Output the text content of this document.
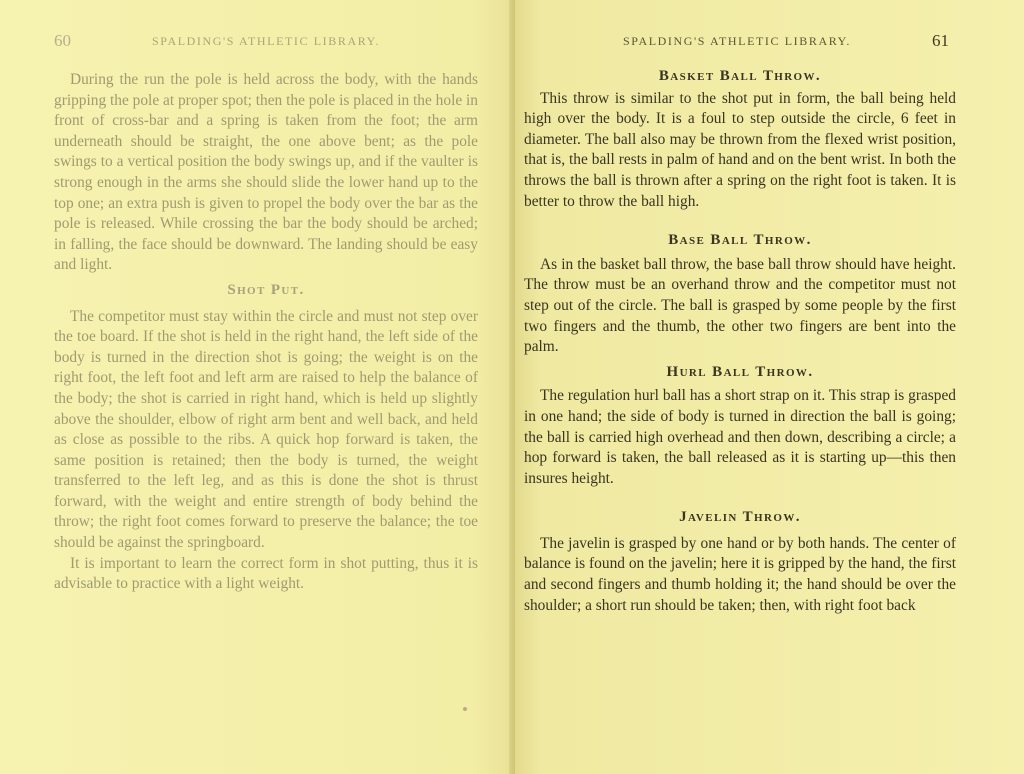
60	SPALDING'S ATHLETIC LIBRARY.

During the run the pole is held across the body, with the hands gripping the pole at proper spot; then the pole is placed in the hole in front of cross-bar and a spring is taken from the foot; the arm underneath should be straight, the one above bent; as the pole swings to a vertical position the body swings up, and if the vaulter is strong enough in the arms she should slide the lower hand up to the top one; an extra push is given to propel the body over the bar as the pole is released. While crossing the bar the body should be arched; in falling, the face should be downward. The landing should be easy and light.

Shot Put.

The competitor must stay within the circle and must not step over the toe board. If the shot is held in the right hand, the left side of the body is turned in the direction shot is going; the weight is on the right foot, the left foot and left arm are raised to help the balance of the body; the shot is carried in right hand, which is held up slightly above the shoulder, elbow of right arm bent and well back, and held as close as possible to the ribs. A quick hop forward is taken, the same position is retained; then the body is turned, the weight transferred to the left leg, and as this is done the shot is thrust forward, with the weight and entire strength of body behind the throw; the right foot comes forward to preserve the balance; the toe should be against the springboard.

It is important to learn the correct form in shot putting, thus it is advisable to practice with a light weight.

SPALDING'S ATHLETIC LIBRARY.	61
Basket Ball Throw.

This throw is similar to the shot put in form, the ball being held high over the body. It is a foul to step outside the circle, 6 feet in diameter. The ball also may be thrown from the flexed wrist position, that is, the ball rests in palm of hand and on the bent wrist. In both the throws the ball is thrown after a spring on the right foot is taken. It is better to throw the ball high.

Base Ball Throw.

As in the basket ball throw, the base ball throw should have height. The throw must be an overhand throw and the competitor must not step out of the circle. The ball is grasped by some people by the first two fingers and the thumb, the other two fingers are bent into the palm.

Hurl Ball Throw.

The regulation hurl ball has a short strap on it. This strap is grasped in one hand; the side of body is turned in direction the ball is going; the ball is carried high overhead and then down, describing a circle; a hop forward is taken, the ball released as it is starting up—this then insures height.

Javelin Throw.

The javelin is grasped by one hand or by both hands. The center of balance is found on the javelin; here it is gripped by the hand, the first and second fingers and thumb holding it; the hand should be over the shoulder; a short run should be taken; then, with right foot back
